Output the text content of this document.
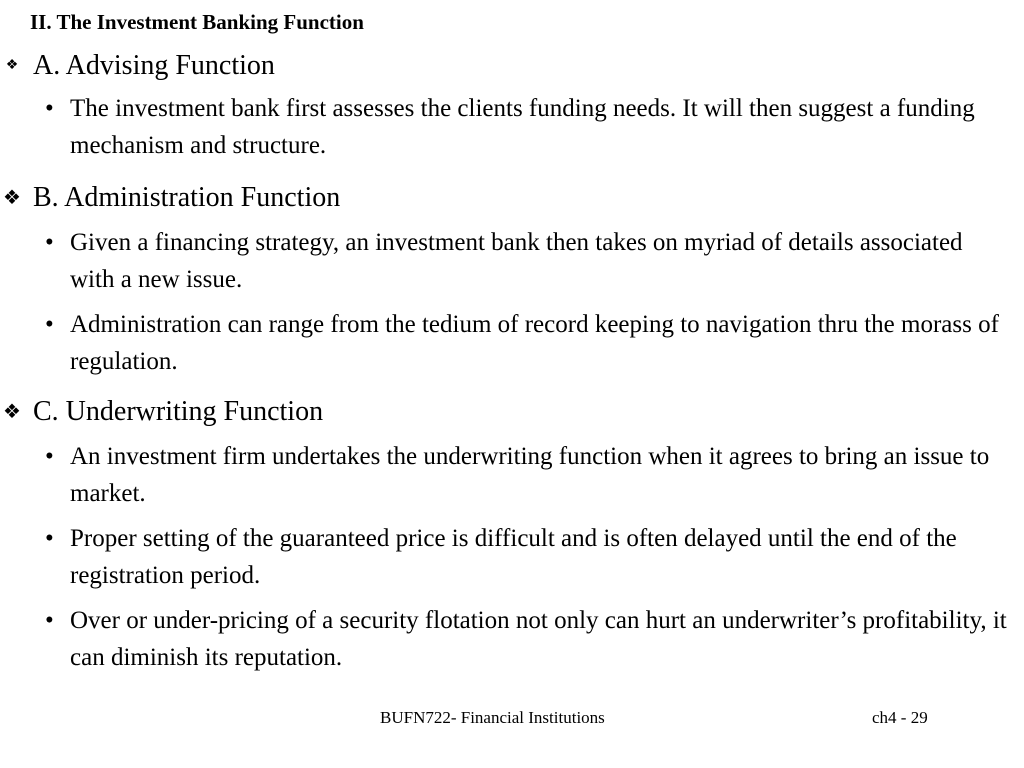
II. The Investment Banking Function
❖ A. Advising Function
• The investment bank first assesses the clients funding needs. It will then suggest a funding mechanism and structure.
❖ B. Administration Function
• Given a financing strategy, an investment bank then takes on myriad of details associated with a new issue.
• Administration can range from the tedium of record keeping to navigation thru the morass of regulation.
❖ C. Underwriting Function
• An investment firm undertakes the underwriting function when it agrees to bring an issue to market.
• Proper setting of the guaranteed price is difficult and is often delayed until the end of the registration period.
• Over or under-pricing of a security flotation not only can hurt an underwriter’s profitability, it can diminish its reputation.
BUFN722- Financial Institutions	ch4 - 29
